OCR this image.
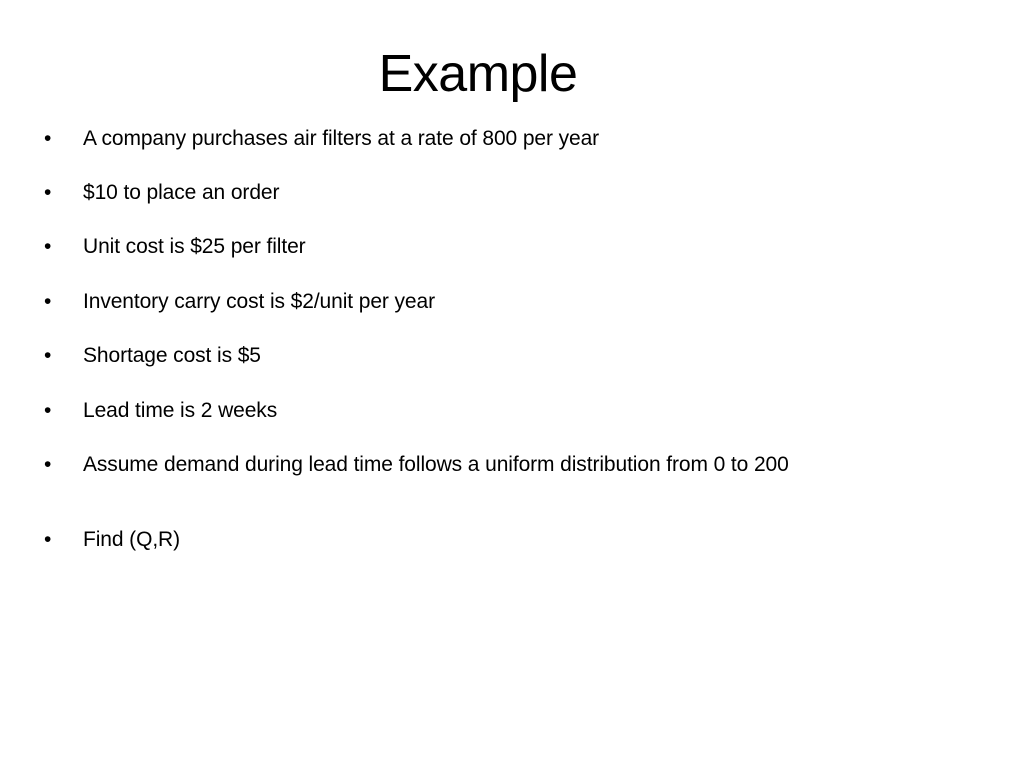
Example
•	A company purchases air filters at a rate of 800 per year
•	$10 to place an order
•	Unit cost is $25 per filter
•	Inventory carry cost is $2/unit per year
•	Shortage cost is $5
•	Lead time is 2 weeks
•	Assume demand during lead time follows a uniform distribution from 0 to 200
•	Find (Q,R)
